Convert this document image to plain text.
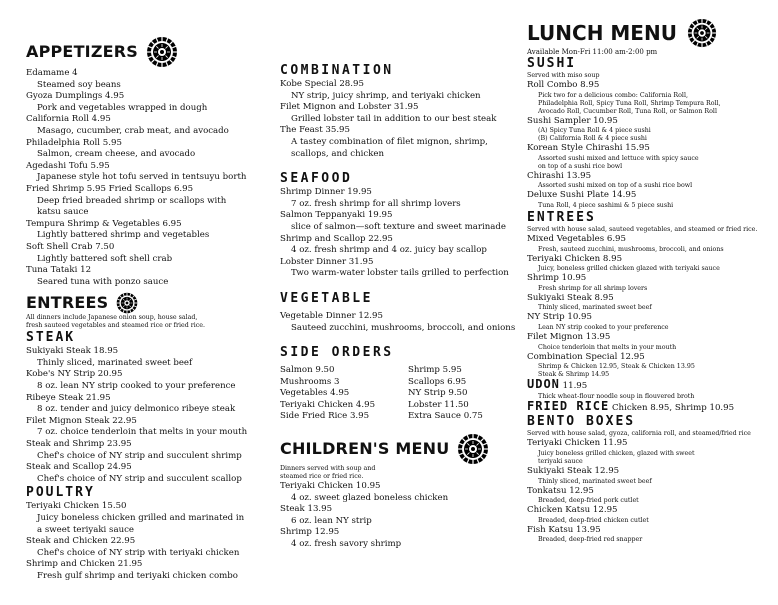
APPETIZERS
Edamame 4
Steamed soy beans
Gyoza Dumplings 4.95
Pork and vegetables wrapped in dough
California Roll 4.95
Masago, cucumber, crab meat, and avocado
Philadelphia Roll 5.95
Salmon, cream cheese, and avocado
Agedashi Tofu 5.95
Japanese style hot tofu served in tentsuyu borth
Fried Shrimp 5.95 Fried Scallops 6.95
Deep fried breaded shrimp or scallops with
katsu sauce
Tempura Shrimp & Vegetables 6.95
Lightly battered shrimp and vegetables
Soft Shell Crab 7.50
Lightly battered soft shell crab
Tuna Tataki 12
Seared tuna with ponzo sauce
ENTREES
All dinners include Japanese onion soup, house salad,
fresh sauteed vegetables and steamed rice or fried rice.
STEAK
Sukiyaki Steak 18.95
Thinly sliced, marinated sweet beef
Kobe's NY Strip 20.95
8 oz. lean NY strip cooked to your preference
Ribeye Steak 21.95
8 oz. tender and juicy delmonico ribeye steak
Filet Mignon Steak 22.95
7 oz. choice tenderloin that melts in your mouth
Steak and Shrimp 23.95
Chef's choice of NY strip and succulent shrimp
Steak and Scallop 24.95
Chef's choice of NY strip and succulent scallop
POULTRY
Teriyaki Chicken 15.50
Juicy boneless chicken grilled and marinated in
a sweet teriyaki sauce
Steak and Chicken 22.95
Chef's choice of NY strip with teriyaki chicken
Shrimp and Chicken 21.95
Fresh gulf shrimp and teriyaki chicken combo
COMBINATION
Kobe Special 28.95
NY strip, juicy shrimp, and teriyaki chicken
Filet Mignon and Lobster 31.95
Grilled lobster tail in addition to our best steak
The Feast 35.95
A tastey combination of filet mignon, shrimp,
scallops, and chicken
SEAFOOD
Shrimp Dinner 19.95
7 oz. fresh shrimp for all shrimp lovers
Salmon Teppanyaki 19.95
slice of salmon—soft texture and sweet marinade
Shrimp and Scallop 22.95
4 oz. fresh shrimp and 4 oz. juicy bay scallop
Lobster Dinner 31.95
Two warm-water lobster tails grilled to perfection
VEGETABLE
Vegetable Dinner 12.95
Sauteed zucchini, mushrooms, broccoli, and onions
SIDE ORDERS
Salmon 9.50
Mushrooms 3
Vegetables 4.95
Teriyaki Chicken 4.95
Side Fried Rice 3.95
Shrimp 5.95
Scallops 6.95
NY Strip 9.50
Lobster 11.50
Extra Sauce 0.75
CHILDREN'S MENU
Dinners served with soup and
steamed rice or fried rice.
Teriyaki Chicken 10.95
4 oz. sweet glazed boneless chicken
Steak 13.95
6 oz. lean NY strip
Shrimp 12.95
4 oz. fresh savory shrimp
LUNCH MENU
Available Mon-Fri 11:00 am-2:00 pm
SUSHI
Served with miso soup
Roll Combo 8.95
Pick two for a delicious combo: California Roll,
Philadelphia Roll, Spicy Tuna Roll, Shrimp Tempura Roll,
Avocado Roll, Cucumber Roll, Tuna Roll, or Salmon Roll
Sushi Sampler 10.95
(A) Spicy Tuna Roll & 4 piece sushi
(B) California Roll & 4 piece sushi
Korean Style Chirashi 15.95
Assorted sushi mixed and lettuce with spicy sauce
on top of a sushi rice bowl
Chirashi 13.95
Assorted sushi mixed on top of a sushi rice bowl
Deluxe Sushi Plate 14.95
Tuna Roll, 4 piece sashimi & 5 piece sushi
ENTREES
Served with house salad, sauteed vegetables, and steamed or fried rice.
Mixed Vegetables 6.95
Fresh, sauteed zucchini, mushrooms, broccoli, and onions
Teriyaki Chicken 8.95
Juicy, boneless grilled chicken glazed with teriyaki sauce
Shrimp 10.95
Fresh shrimp for all shrimp lovers
Sukiyaki Steak 8.95
Thinly sliced, marinated sweet beef
NY Strip 10.95
Lean NY strip cooked to your preference
Filet Mignon 13.95
Choice tenderloin that melts in your mouth
Combination Special 12.95
Shrimp & Chicken 12.95, Steak & Chicken 13.95
Steak & Shrimp 14.95
UDON 11.95
Thick wheat-flour noodle soup in flouvered broth
FRIED RICE Chicken 8.95, Shrimp 10.95
BENTO BOXES
Served with house salad, gyoza, california roll, and steamed/fried rice
Teriyaki Chicken 11.95
Juicy boneless grilled chicken, glazed with sweet
teriyaki sauce
Sukiyaki Steak 12.95
Thinly sliced, marinated sweet beef
Tonkatsu 12.95
Breaded, deep-fried pork cutlet
Chicken Katsu 12.95
Breaded, deep-fried chicken cutlet
Fish Katsu 13.95
Breaded, deep-fried red snapper
